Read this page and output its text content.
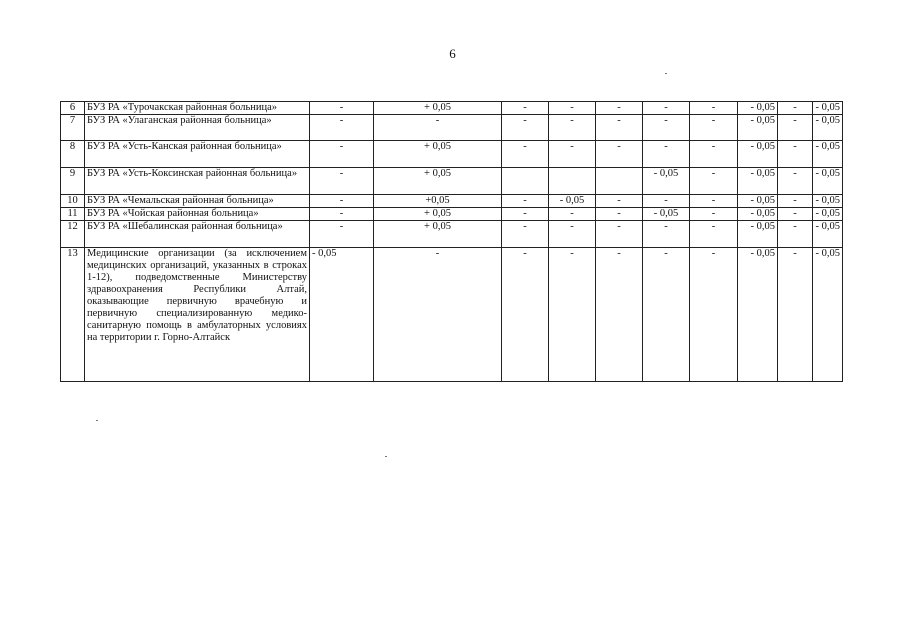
6
6	БУЗ РА «Турочакская районная больница»	-	+ 0,05	-	-	-	-	-	- 0,05	-	- 0,05
7	БУЗ РА «Улаганская районная больница»	-	-	-	-	-	-	-	- 0,05	-	- 0,05
8	БУЗ РА «Усть-Канская районная больница»	-	+ 0,05	-	-	-	-	-	- 0,05	-	- 0,05
9	БУЗ РА «Усть-Коксинская районная больница»	-	+ 0,05				- 0,05	-	- 0,05	-	- 0,05
10	БУЗ РА «Чемальская районная больница»	-	+0,05	-	- 0,05	-	-	-	- 0,05	-	- 0,05
11	БУЗ РА «Чойская районная больница»	-	+ 0,05	-	-	-	- 0,05	-	- 0,05	-	- 0,05
12	БУЗ РА «Шебалинская районная больница»	-	+ 0,05	-	-	-	-	-	- 0,05	-	- 0,05
13	Медицинские организации (за исключением медицинских организаций, указанных в строках 1-12), подведомственные Министерству здравоохранения Республики Алтай, оказывающие первичную врачебную и первичную специализированную медико-санитарную помощь в амбулаторных условиях на территории г. Горно-Алтайск	- 0,05	-	-	-	-	-	-	- 0,05	-	- 0,05
